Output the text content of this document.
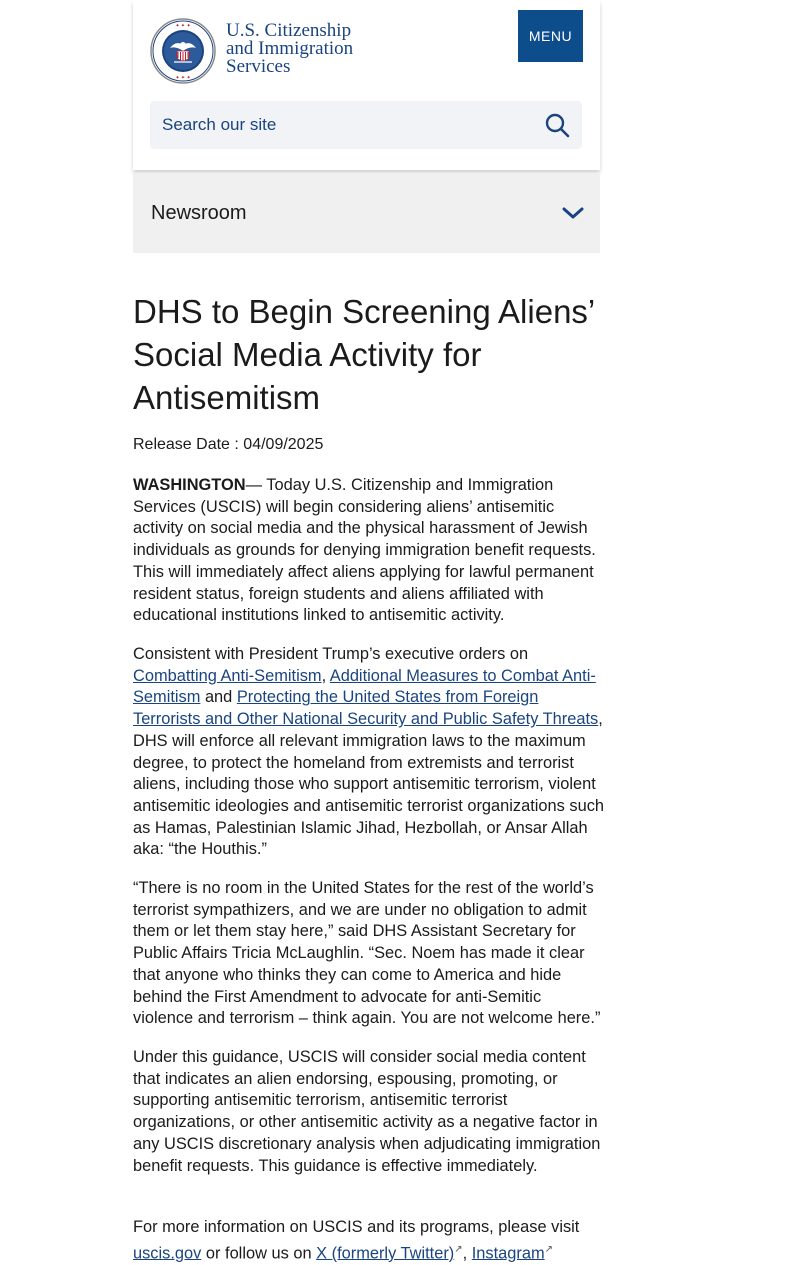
✦ ✦ ✦
✦ ✦ ✦
U.S. Citizenship
and Immigration
Services
MENU
Search our site
Newsroom
DHS to Begin Screening Aliens’ Social Media Activity for Antisemitism
Release Date : 04/09/2025

WASHINGTON— Today U.S. Citizenship and Immigration Services (USCIS) will begin considering aliens’ antisemitic activity on social media and the physical harassment of Jewish individuals as grounds for denying immigration benefit requests. This will immediately affect aliens applying for lawful permanent resident status, foreign students and aliens affiliated with educational institutions linked to antisemitic activity.

Consistent with President Trump’s executive orders on Combatting Anti-Semitism, Additional Measures to Combat Anti-Semitism and Protecting the United States from Foreign Terrorists and Other National Security and Public Safety Threats, DHS will enforce all relevant immigration laws to the maximum degree, to protect the homeland from extremists and terrorist aliens, including those who support antisemitic terrorism, violent antisemitic ideologies and antisemitic terrorist organizations such as Hamas, Palestinian Islamic Jihad, Hezbollah, or Ansar Allah aka: “the Houthis.”

“There is no room in the United States for the rest of the world’s terrorist sympathizers, and we are under no obligation to admit them or let them stay here,” said DHS Assistant Secretary for Public Affairs Tricia McLaughlin. “Sec. Noem has made it clear that anyone who thinks they can come to America and hide behind the First Amendment to advocate for anti-Semitic violence and terrorism – think again. You are not welcome here.”

Under this guidance, USCIS will consider social media content that indicates an alien endorsing, espousing, promoting, or supporting antisemitic terrorism, antisemitic terrorist organizations, or other antisemitic activity as a negative factor in any USCIS discretionary analysis when adjudicating immigration benefit requests. This guidance is effective immediately.

For more information on USCIS and its programs, please visit uscis.gov or follow us on X (formerly Twitter)↗, Instagram↗
